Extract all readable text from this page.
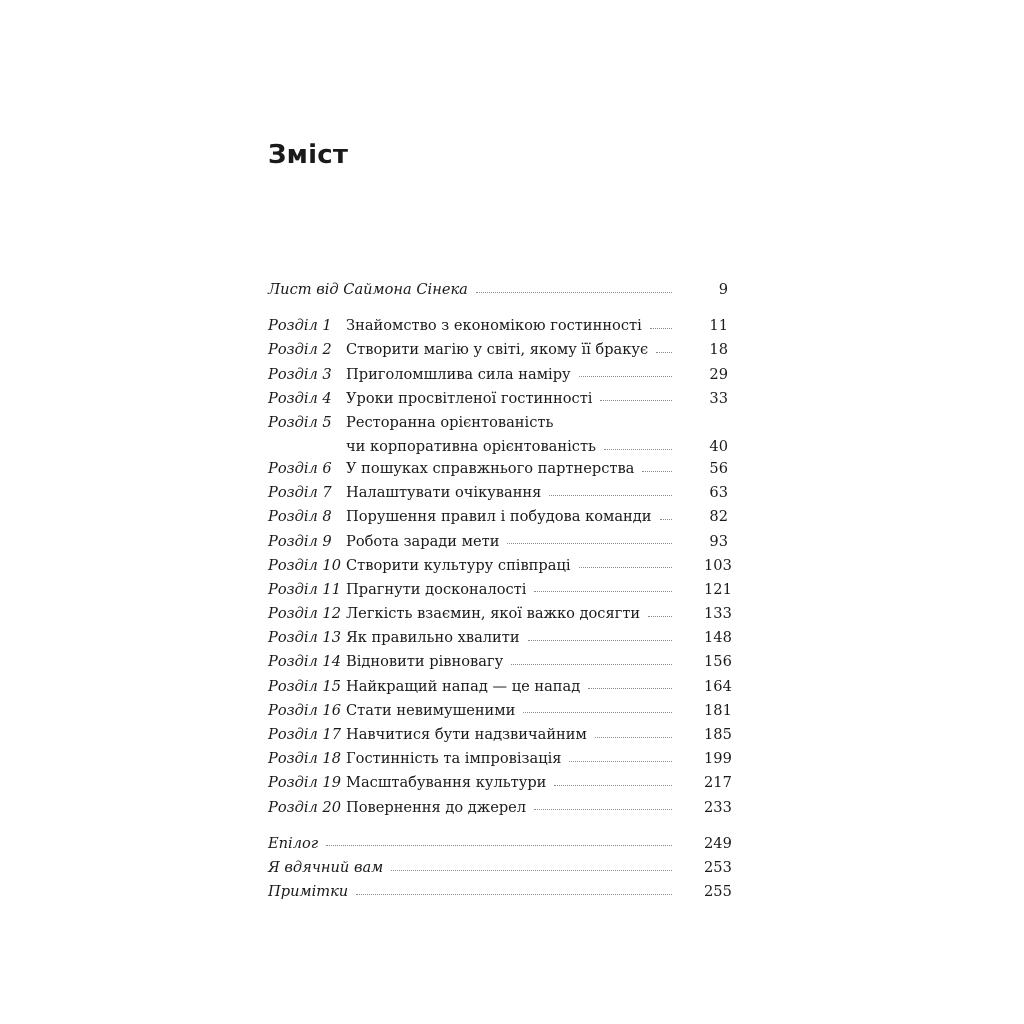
Зміст
Лист від Саймона Сінека	9
Розділ 1 Знайомство з економікою гостинності	11
Розділ 2 Створити магію у світі, якому її бракує	18
Розділ 3 Приголомшлива сила наміру	29
Розділ 4 Уроки просвітленої гостинності	33
Розділ 5 Ресторанна орієнтованість
чи корпоративна орієнтованість	40
Розділ 6 У пошуках справжнього партнерства	56
Розділ 7 Налаштувати очікування	63
Розділ 8 Порушення правил і побудова команди	82
Розділ 9 Робота заради мети	93
Розділ 10 Створити культуру співпраці	103
Розділ 11 Прагнути досконалості	121
Розділ 12 Легкість взаємин, якої важко досягти	133
Розділ 13 Як правильно хвалити	148
Розділ 14 Відновити рівновагу	156
Розділ 15 Найкращий напад — це напад	164
Розділ 16 Стати невимушеними	181
Розділ 17 Навчитися бути надзвичайним	185
Розділ 18 Гостинність та імпровізація	199
Розділ 19 Масштабування культури	217
Розділ 20 Повернення до джерел	233
Епілог	249
Я вдячний вам	253
Примітки	255
